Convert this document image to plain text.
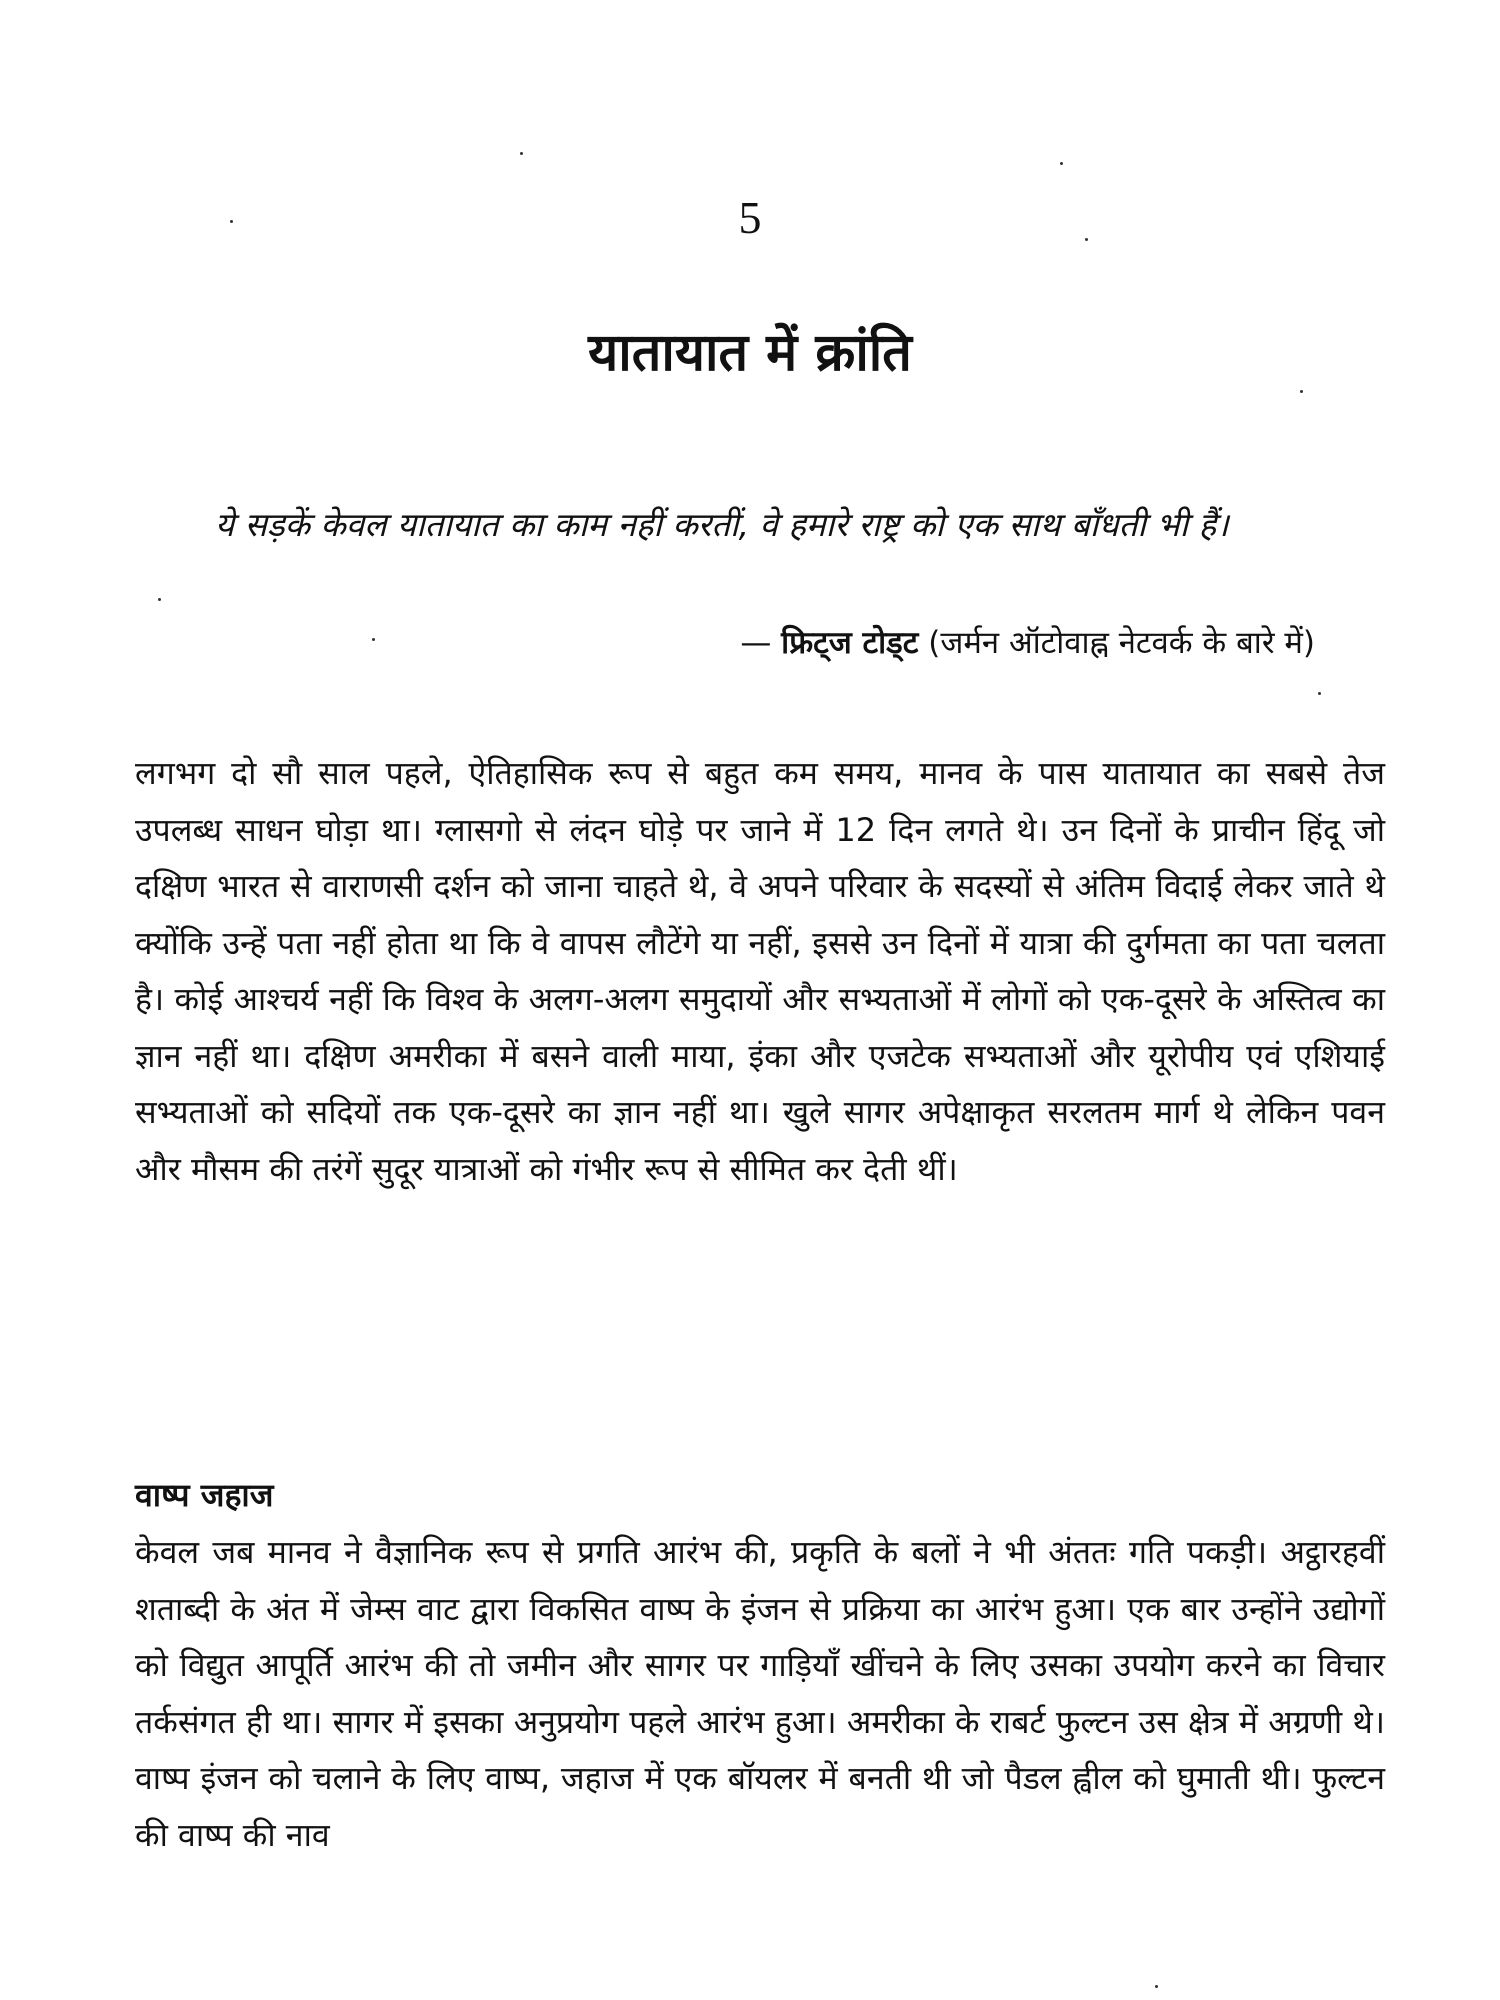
5
यातायात में क्रांति
ये सड़कें केवल यातायात का काम नहीं करतीं, वे हमारे राष्ट्र को एक साथ बाँधती भी हैं।
— फ्रिट्ज टोड्ट (जर्मन ऑटोवाह्न नेटवर्क के बारे में)
लगभग दो सौ साल पहले, ऐतिहासिक रूप से बहुत कम समय, मानव के पास यातायात का सबसे तेज उपलब्ध साधन घोड़ा था। ग्लासगो से लंदन घोड़े पर जाने में 12 दिन लगते थे। उन दिनों के प्राचीन हिंदू जो दक्षिण भारत से वाराणसी दर्शन को जाना चाहते थे, वे अपने परिवार के सदस्यों से अंतिम विदाई लेकर जाते थे क्योंकि उन्हें पता नहीं होता था कि वे वापस लौटेंगे या नहीं, इससे उन दिनों में यात्रा की दुर्गमता का पता चलता है। कोई आश्चर्य नहीं कि विश्व के अलग-अलग समुदायों और सभ्यताओं में लोगों को एक-दूसरे के अस्तित्व का ज्ञान नहीं था। दक्षिण अमरीका में बसने वाली माया, इंका और एजटेक सभ्यताओं और यूरोपीय एवं एशियाई सभ्यताओं को सदियों तक एक-दूसरे का ज्ञान नहीं था। खुले सागर अपेक्षाकृत सरलतम मार्ग थे लेकिन पवन और मौसम की तरंगें सुदूर यात्राओं को गंभीर रूप से सीमित कर देती थीं।
वाष्प जहाज
केवल जब मानव ने वैज्ञानिक रूप से प्रगति आरंभ की, प्रकृति के बलों ने भी अंततः गति पकड़ी। अट्ठारहवीं शताब्दी के अंत में जेम्स वाट द्वारा विकसित वाष्प के इंजन से प्रक्रिया का आरंभ हुआ। एक बार उन्होंने उद्योगों को विद्युत आपूर्ति आरंभ की तो जमीन और सागर पर गाड़ियाँ खींचने के लिए उसका उपयोग करने का विचार तर्कसंगत ही था। सागर में इसका अनुप्रयोग पहले आरंभ हुआ। अमरीका के राबर्ट फुल्टन उस क्षेत्र में अग्रणी थे। वाष्प इंजन को चलाने के लिए वाष्प, जहाज में एक बॉयलर में बनती थी जो पैडल ह्वील को घुमाती थी। फुल्टन की वाष्प की नाव
